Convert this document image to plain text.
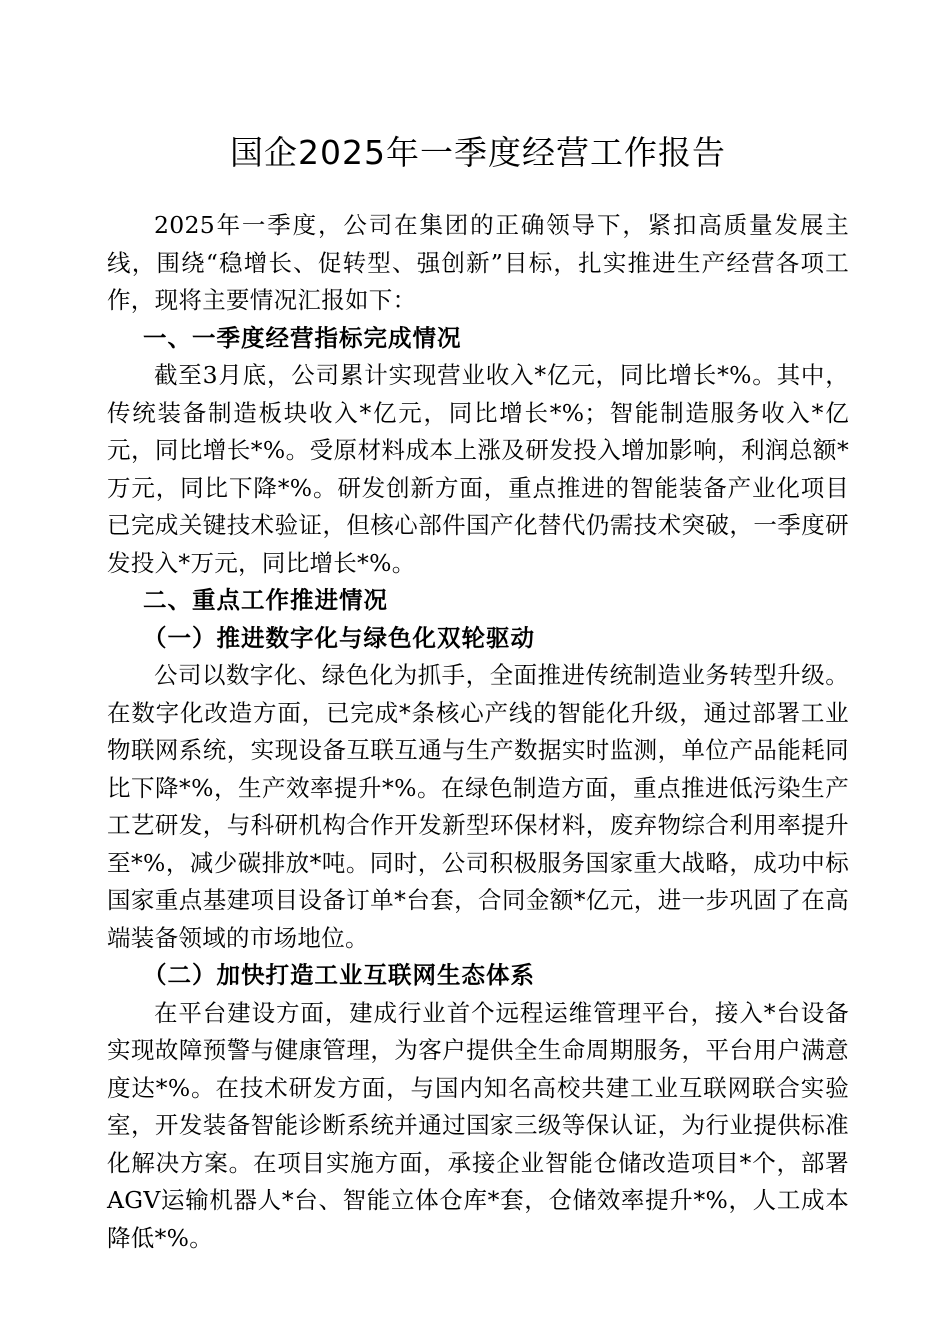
国企2025年一季度经营工作报告

2025年一季度，公司在集团的正确领导下，紧扣高质量发展主线，围绕“稳增长、促转型、强创新”目标，扎实推进生产经营各项工作，现将主要情况汇报如下：

一、一季度经营指标完成情况

截至3月底，公司累计实现营业收入*亿元，同比增长*%。其中，传统装备制造板块收入*亿元，同比增长*%；智能制造服务收入*亿元，同比增长*%。受原材料成本上涨及研发投入增加影响，利润总额*万元，同比下降*%。研发创新方面，重点推进的智能装备产业化项目已完成关键技术验证，但核心部件国产化替代仍需技术突破，一季度研发投入*万元，同比增长*%。

二、重点工作推进情况

（一）推进数字化与绿色化双轮驱动

公司以数字化、绿色化为抓手，全面推进传统制造业务转型升级。在数字化改造方面，已完成*条核心产线的智能化升级，通过部署工业物联网系统，实现设备互联互通与生产数据实时监测，单位产品能耗同比下降*%，生产效率提升*%。在绿色制造方面，重点推进低污染生产工艺研发，与科研机构合作开发新型环保材料，废弃物综合利用率提升至*%，减少碳排放*吨。同时，公司积极服务国家重大战略，成功中标国家重点基建项目设备订单*台套，合同金额*亿元，进一步巩固了在高端装备领域的市场地位。

（二）加快打造工业互联网生态体系

在平台建设方面，建成行业首个远程运维管理平台，接入*台设备实现故障预警与健康管理，为客户提供全生命周期服务，平台用户满意度达*%。在技术研发方面，与国内知名高校共建工业互联网联合实验室，开发装备智能诊断系统并通过国家三级等保认证，为行业提供标准化解决方案。在项目实施方面，承接企业智能仓储改造项目*个，部署AGV运输机器人*台、智能立体仓库*套，仓储效率提升*%，人工成本降低*%。
